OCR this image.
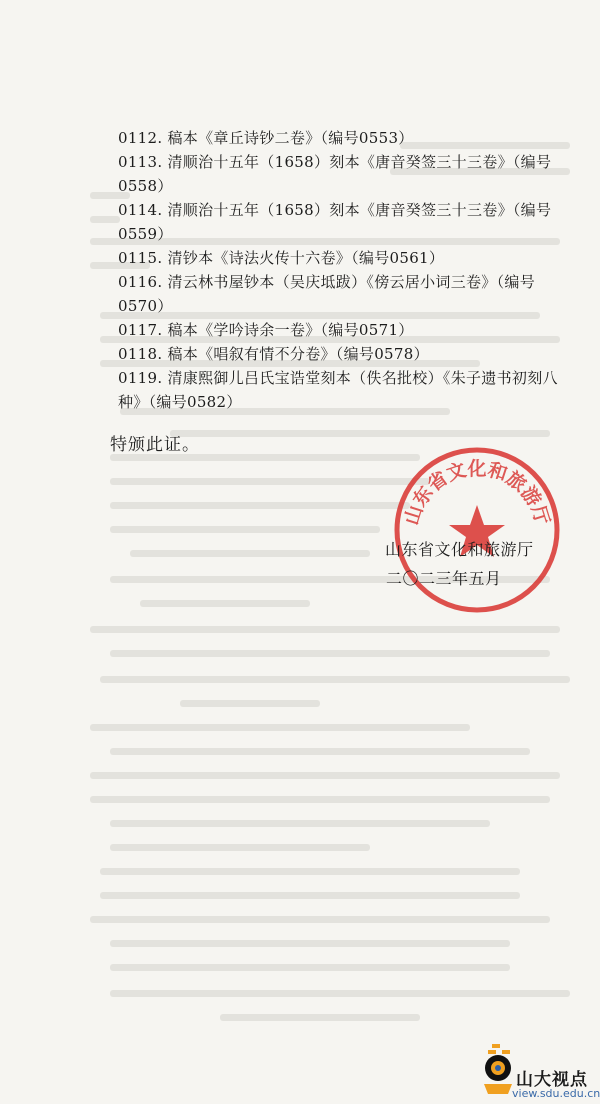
0112. 稿本《章丘诗钞二卷》（编号0553）
0113. 清顺治十五年（1658）刻本《唐音癸签三十三卷》（编号
0558）
0114. 清顺治十五年（1658）刻本《唐音癸签三十三卷》（编号
0559）
0115. 清钞本《诗法火传十六卷》（编号0561）
0116. 清云林书屋钞本（吴庆坻跋）《傍云居小词三卷》（编号
0570）
0117. 稿本《学吟诗余一卷》（编号0571）
0118. 稿本《唱叙有情不分卷》（编号0578）
0119. 清康熙御儿吕氏宝诰堂刻本（佚名批校）《朱子遗书初刻八
种》（编号0582）
特颁此证。
山东省文化和旅游厅
山东省文化和旅游厅
二〇二三年五月
山大视点
view.sdu.edu.cn
